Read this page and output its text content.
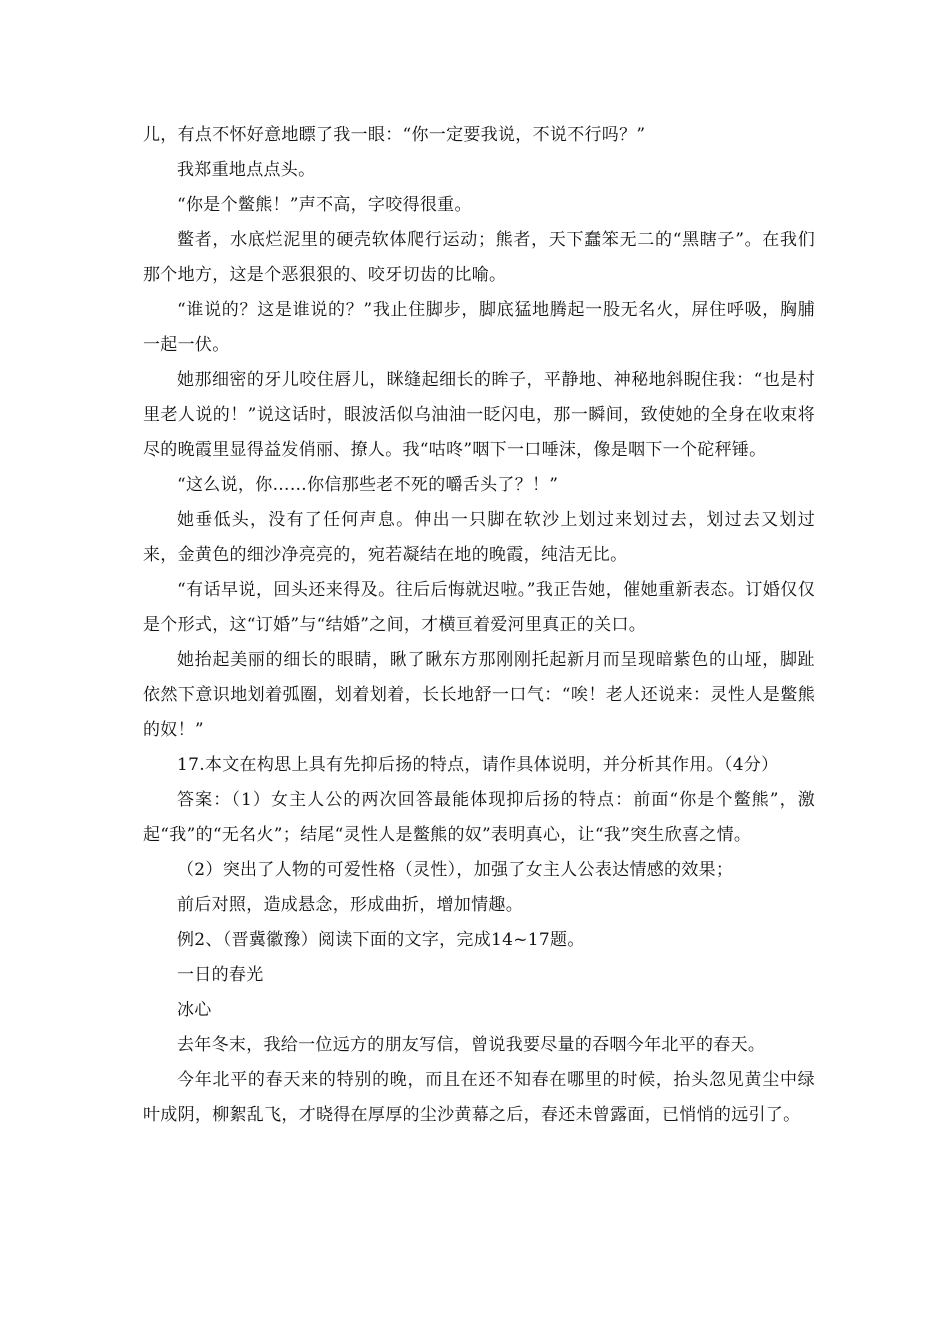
儿，有点不怀好意地瞟了我一眼：“你一定要我说，不说不行吗？”

我郑重地点点头。

“你是个鳖熊！”声不高，字咬得很重。

鳖者，水底烂泥里的硬壳软体爬行运动；熊者，天下蠢笨无二的“黑瞎子”。在我们那个地方，这是个恶狠狠的、咬牙切齿的比喻。

“谁说的？这是谁说的？”我止住脚步，脚底猛地腾起一股无名火，屏住呼吸，胸脯一起一伏。

她那细密的牙儿咬住唇儿，眯缝起细长的眸子，平静地、神秘地斜睨住我：“也是村里老人说的！”说这话时，眼波活似乌油油一眨闪电，那一瞬间，致使她的全身在收束将尽的晚霞里显得益发俏丽、撩人。我“咕咚”咽下一口唾沫，像是咽下一个砣秤锤。

“这么说，你……你信那些老不死的嚼舌头了？！”

她垂低头，没有了任何声息。伸出一只脚在软沙上划过来划过去，划过去又划过来，金黄色的细沙净亮亮的，宛若凝结在地的晚霞，纯洁无比。

“有话早说，回头还来得及。往后后悔就迟啦。”我正告她，催她重新表态。订婚仅仅是个形式，这“订婚”与“结婚”之间，才横亘着爱河里真正的关口。

她抬起美丽的细长的眼睛，瞅了瞅东方那刚刚托起新月而呈现暗紫色的山垭，脚趾依然下意识地划着弧圈，划着划着，长长地舒一口气：“唉！老人还说来：灵性人是鳖熊的奴！”

17.本文在构思上具有先抑后扬的特点，请作具体说明，并分析其作用。（4分）

答案：（1）女主人公的两次回答最能体现抑后扬的特点：前面“你是个鳖熊”，激起“我”的“无名火”；结尾“灵性人是鳖熊的奴”表明真心，让“我”突生欣喜之情。

（2）突出了人物的可爱性格（灵性），加强了女主人公表达情感的效果；

前后对照，造成悬念，形成曲折，增加情趣。

例2、（晋冀徽豫）阅读下面的文字，完成14~17题。

一日的春光

冰心

去年冬末，我给一位远方的朋友写信，曾说我要尽量的吞咽今年北平的春天。

今年北平的春天来的特别的晚，而且在还不知春在哪里的时候，抬头忽见黄尘中绿叶成阴，柳絮乱飞，才晓得在厚厚的尘沙黄幕之后，春还未曾露面，已悄悄的远引了。
